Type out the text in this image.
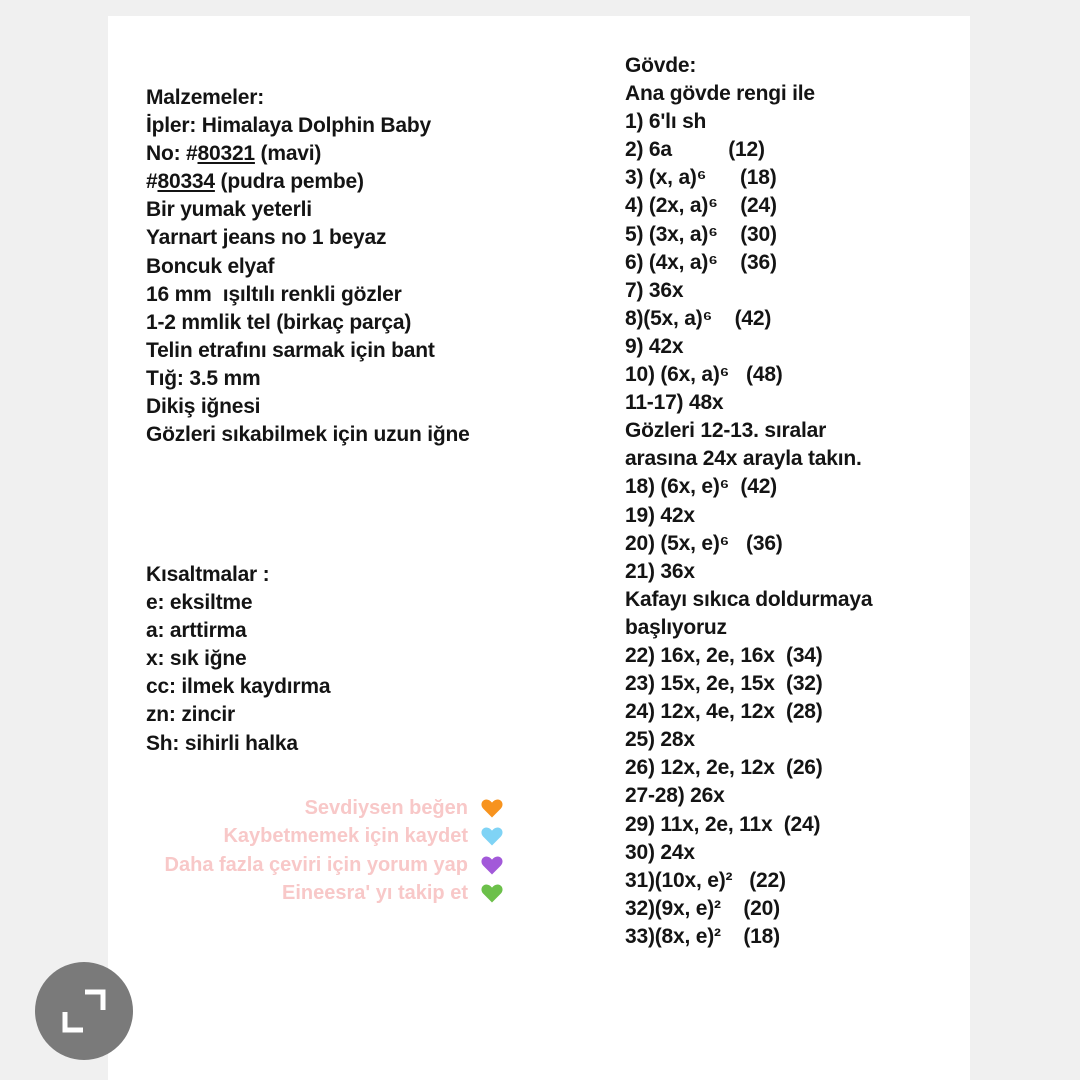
Malzemeler:
İpler: Himalaya Dolphin Baby
No: #80321 (mavi)
#80334 (pudra pembe)
Bir yumak yeterli
Yarnart jeans no 1 beyaz
Boncuk elyaf
16 mm  ışıltılı renkli gözler
1-2 mmlik tel (birkaç parça)
Telin etrafını sarmak için bant
Tığ: 3.5 mm
Dikiş iğnesi
Gözleri sıkabilmek için uzun iğne
Kısaltmalar :
e: eksiltme
a: arttirma
x: sık iğne
cc: ilmek kaydırma
zn: zincir
Sh: sihirli halka
Gövde:
Ana gövde rengi ile
1) 6'lı sh
2) 6a          (12)
3) (x, a)⁶      (18)
4) (2x, a)⁶    (24)
5) (3x, a)⁶    (30)
6) (4x, a)⁶    (36)
7) 36x
8)(5x, a)⁶    (42)
9) 42x
10) (6x, a)⁶   (48)
11-17) 48x
Gözleri 12-13. sıralar
arasına 24x arayla takın.
18) (6x, e)⁶  (42)
19) 42x
20) (5x, e)⁶   (36)
21) 36x
Kafayı sıkıca doldurmaya
başlıyoruz
22) 16x, 2e, 16x  (34)
23) 15x, 2e, 15x  (32)
24) 12x, 4e, 12x  (28)
25) 28x
26) 12x, 2e, 12x  (26)
27-28) 26x
29) 11x, 2e, 11x  (24)
30) 24x
31)(10x, e)²   (22)
32)(9x, e)²    (20)
33)(8x, e)²    (18)
Sevdiysen beğen
Kaybetmemek için kaydet
Daha fazla çeviri için yorum yap
Eineesra' yı takip et
